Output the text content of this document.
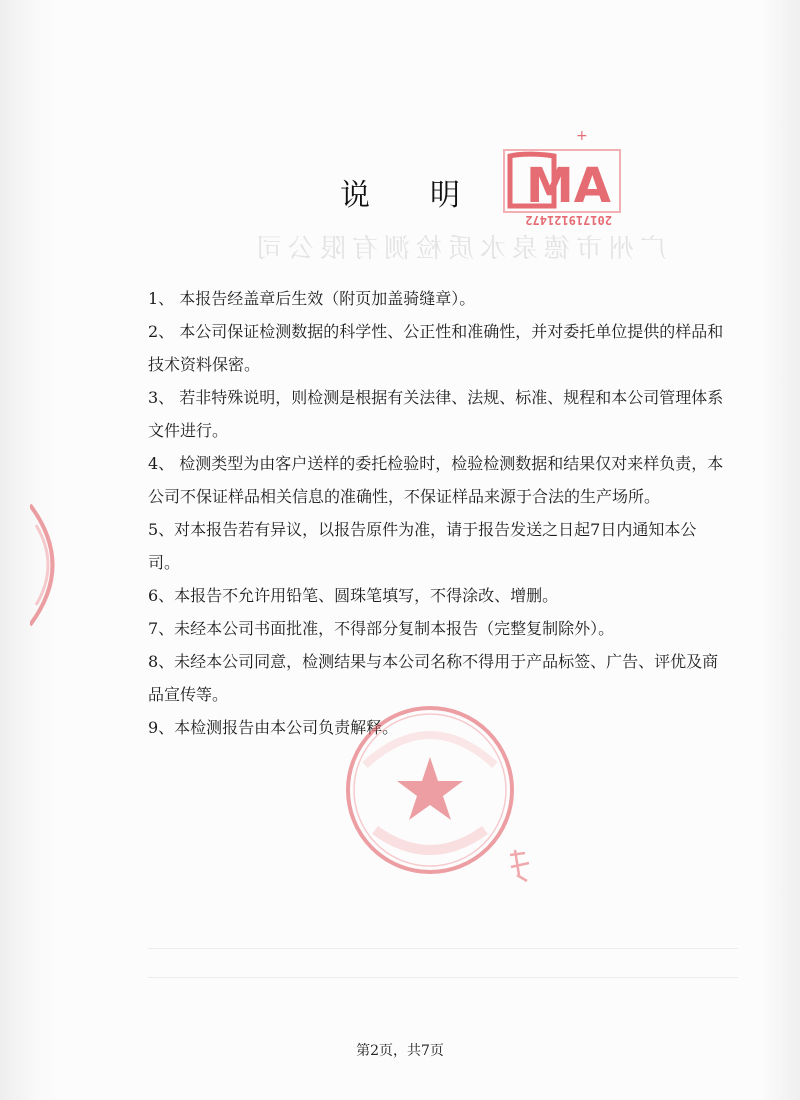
广州市德泉水质检测有限公司
说 明
+
MA
201719121472

1、 本报告经盖章后生效（附页加盖骑缝章）。

2、 本公司保证检测数据的科学性、公正性和准确性，并对委托单位提供的样品和技术资料保密。

3、 若非特殊说明，则检测是根据有关法律、法规、标准、规程和本公司管理体系文件进行。

4、 检测类型为由客户送样的委托检验时，检验检测数据和结果仅对来样负责，本公司不保证样品相关信息的准确性，不保证样品来源于合法的生产场所。

5、对本报告若有异议，以报告原件为准，请于报告发送之日起7日内通知本公司。

6、本报告不允许用铅笔、圆珠笔填写，不得涂改、增删。

7、未经本公司书面批准，不得部分复制本报告（完整复制除外）。

8、未经本公司同意，检测结果与本公司名称不得用于产品标签、广告、评优及商品宣传等。

9、本检测报告由本公司负责解释。

第2页，共7页
